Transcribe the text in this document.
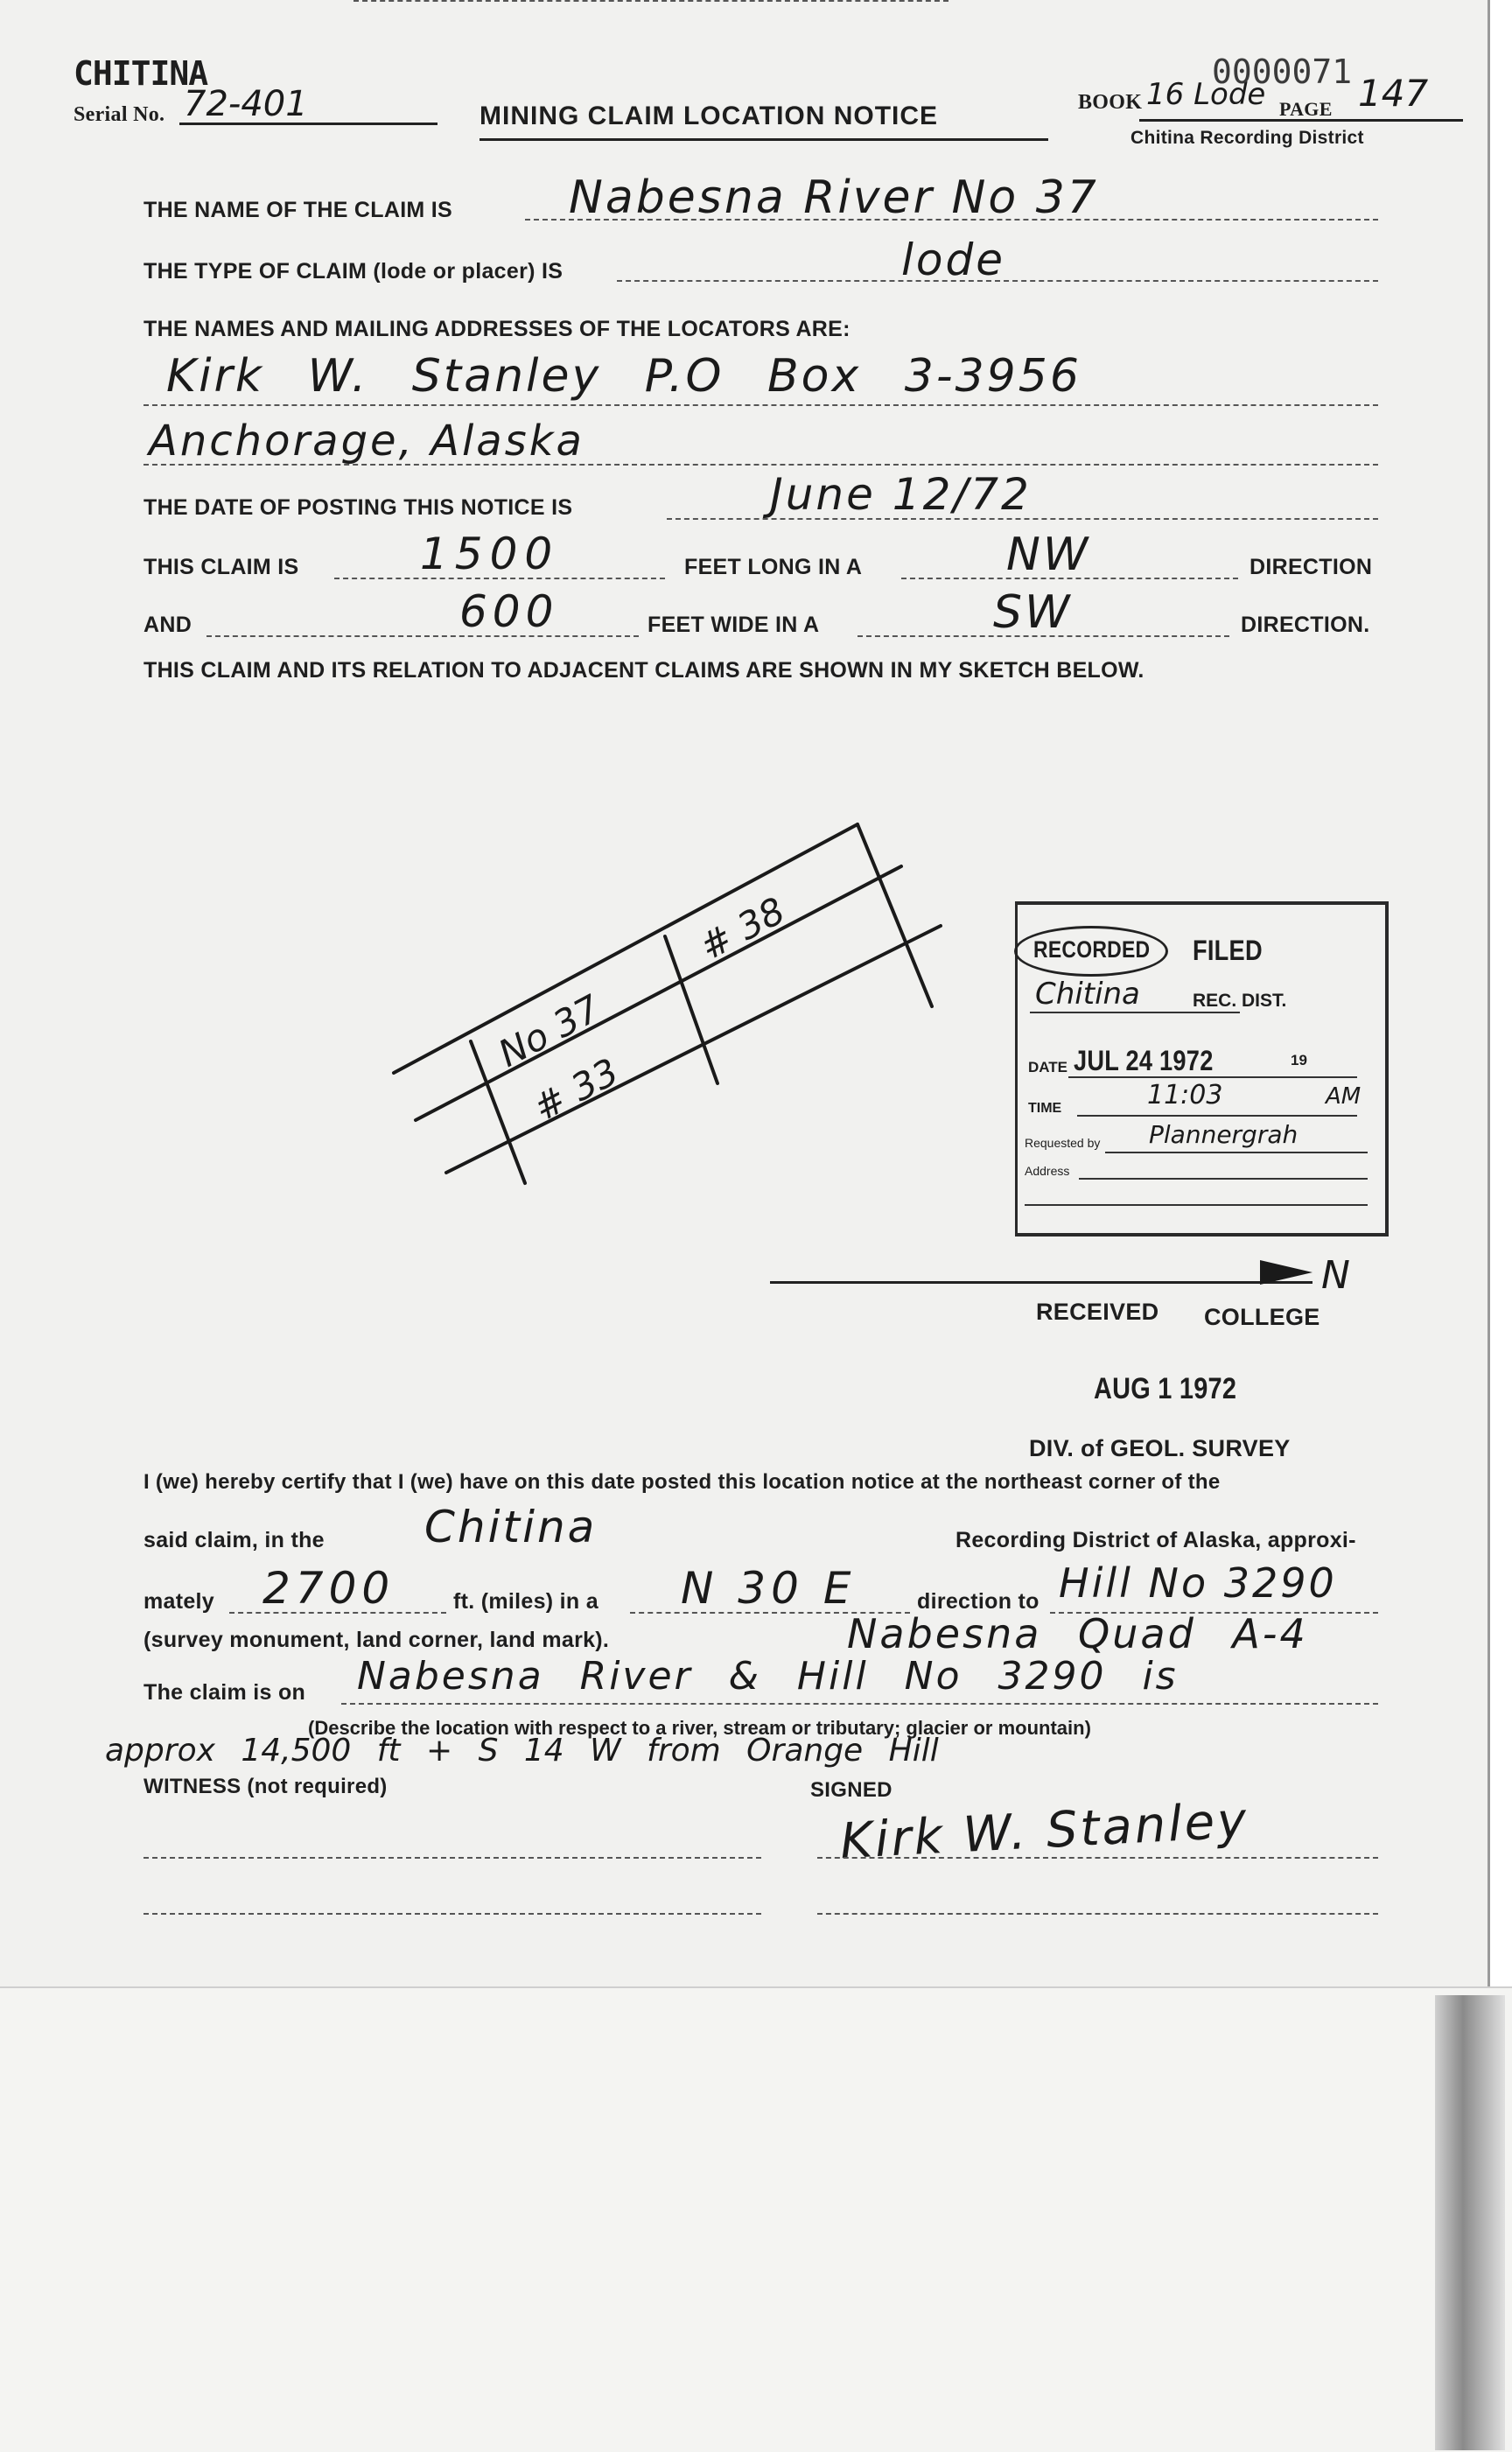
CHITINA
Serial No. 72-401	MINING CLAIM LOCATION NOTICE	BOOK 16 Lode PAGE 147
0000071
Chitina Recording District
THE NAME OF THE CLAIM IS	Nabesna River No 37
THE TYPE OF CLAIM (lode or placer) IS	lode
THE NAMES AND MAILING ADDRESSES OF THE LOCATORS ARE:
Kirk W. Stanley P.O Box 3-3956
Anchorage, Alaska
THE DATE OF POSTING THIS NOTICE IS	June 12/72
THIS CLAIM IS	1500	FEET LONG IN A	NW	DIRECTION
AND	600	FEET WIDE IN A	SW	DIRECTION.
THIS CLAIM AND ITS RELATION TO ADJACENT CLAIMS ARE SHOWN IN MY SKETCH BELOW.
No 37
# 33
# 38
N
RECORDED FILED
Chitina	REC. DIST.
DATE JUL 24 1972	19
TIME	11:03	AM
Requested by Plannergrah
Address
RECEIVED COLLEGE
AUG 1 1972
DIV. of GEOL. SURVEY
I (we) hereby certify that I (we) have on this date posted this location notice at the northeast corner of the
said claim, in the Chitina	Recording District of Alaska, approxi-
mately 2700	ft. (miles) in a N 30 E	direction to Hill No 3290
(survey monument, land corner, land mark).	Nabesna Quad A-4
The claim is on Nabesna River & Hill No 3290 is
(Describe the location with respect to a river, stream or tributary; glacier or mountain)
approx 14,500 ft + S 14 W from Orange Hill
WITNESS (not required)	SIGNED
Kirk W. Stanley
